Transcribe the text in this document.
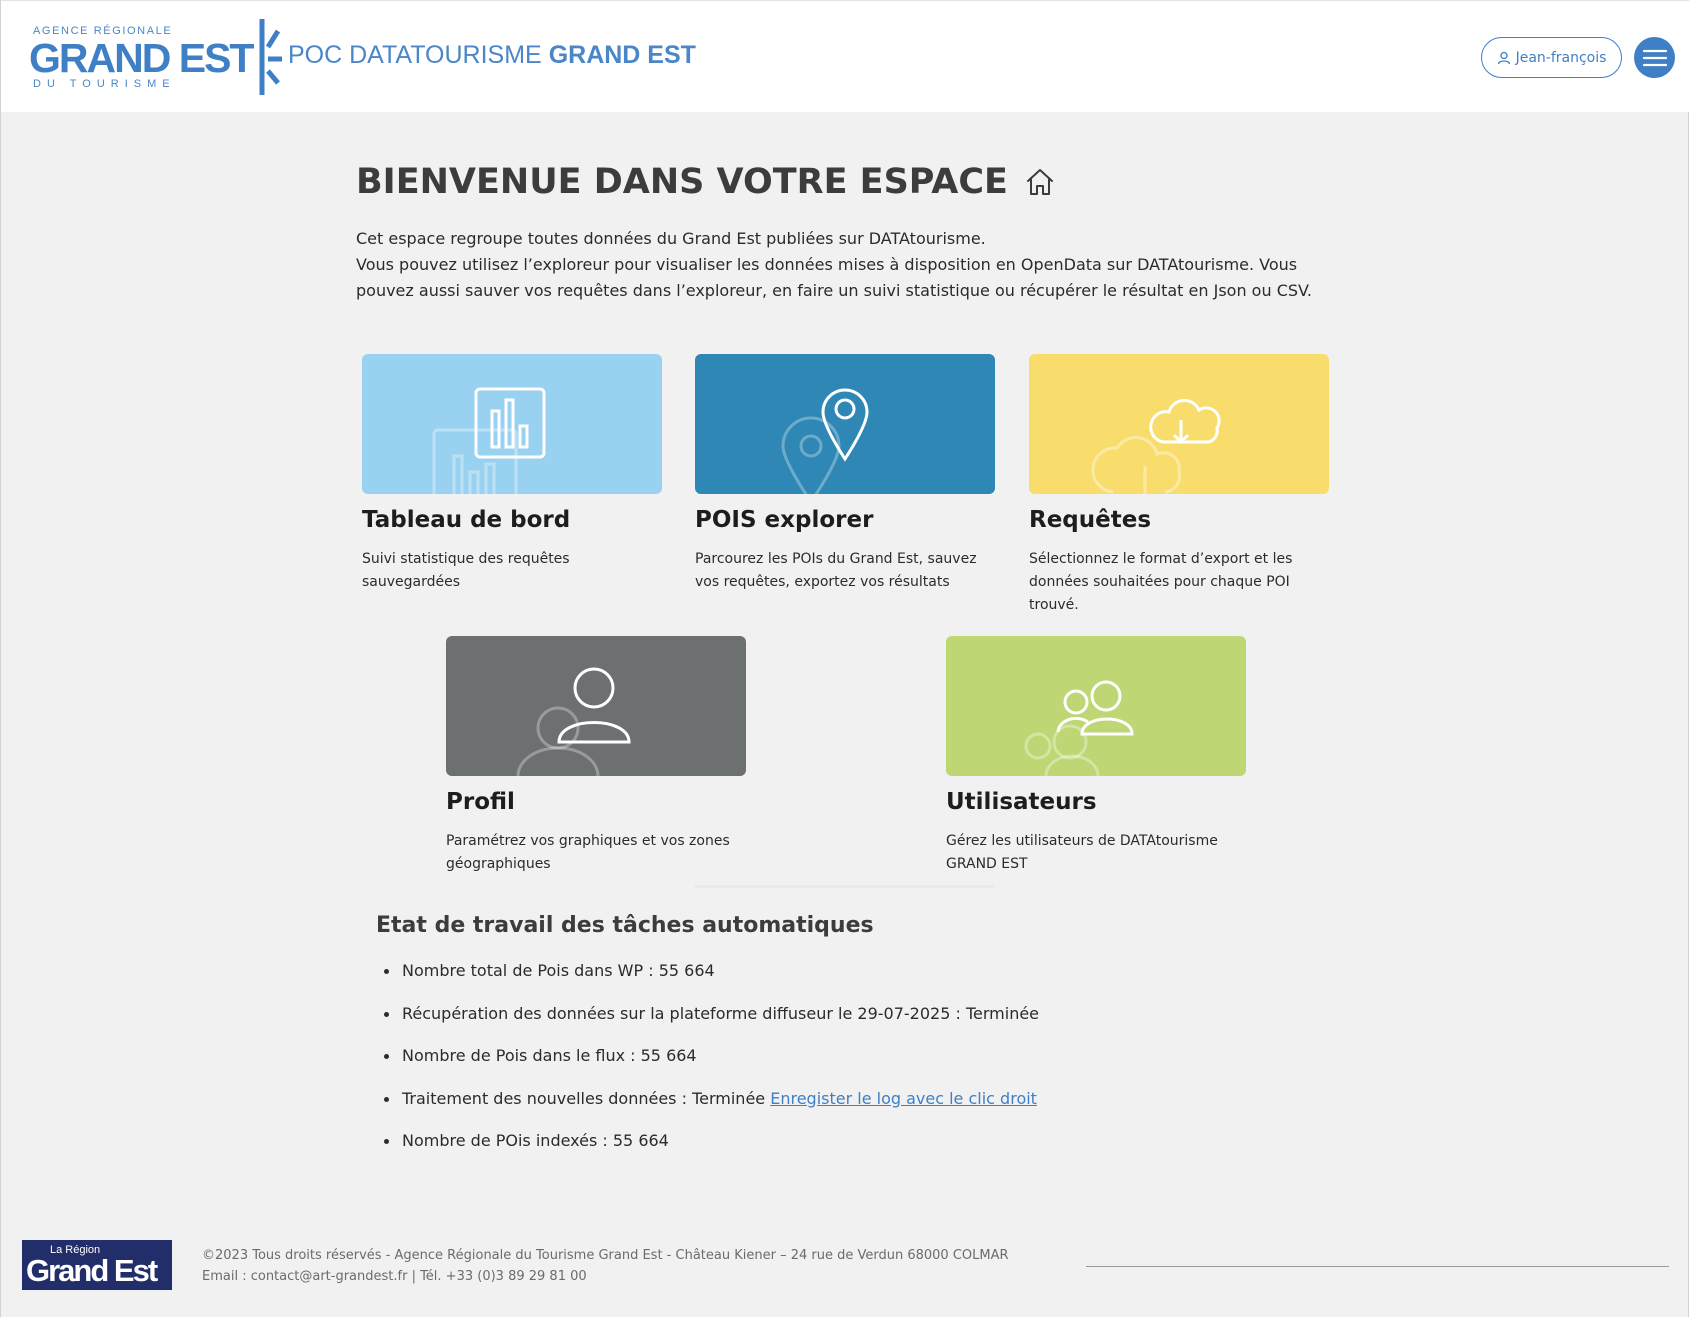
AGENCE RÉGIONALE
GRAND EST
DU TOURISME
POC DATATOURISME GRAND EST	Jean-françois
BIENVENUE DANS VOTRE ESPACE
Cet espace regroupe toutes données du Grand Est publiées sur DATAtourisme.
Vous pouvez utilisez l’exploreur pour visualiser les données mises à disposition en OpenData sur DATAtourisme. Vous pouvez aussi sauver vos requêtes dans l’exploreur, en faire un suivi statistique ou récupérer le résultat en Json ou CSV.
Tableau de bord
Suivi statistique des requêtes sauvegardées
POIS explorer
Parcourez les POIs du Grand Est, sauvez vos requêtes, exportez vos résultats
Requêtes
Sélectionnez le format d’export et les données souhaitées pour chaque POI trouvé.
Profil
Paramétrez vos graphiques et vos zones géographiques
Utilisateurs
Gérez les utilisateurs de DATAtourisme GRAND EST
Etat de travail des tâches automatiques
Nombre total de Pois dans WP : 55 664
Récupération des données sur la plateforme diffuseur le 29-07-2025 : Terminée
Nombre de Pois dans le flux : 55 664
Traitement des nouvelles données : Terminée Enregister le log avec le clic droit
Nombre de POis indexés : 55 664
La Région
Grand Est	©2023 Tous droits réservés - Agence Régionale du Tourisme Grand Est - Château Kiener – 24 rue de Verdun 68000 COLMAR
Email : contact@art-grandest.fr | Tél. +33 (0)3 89 29 81 00
